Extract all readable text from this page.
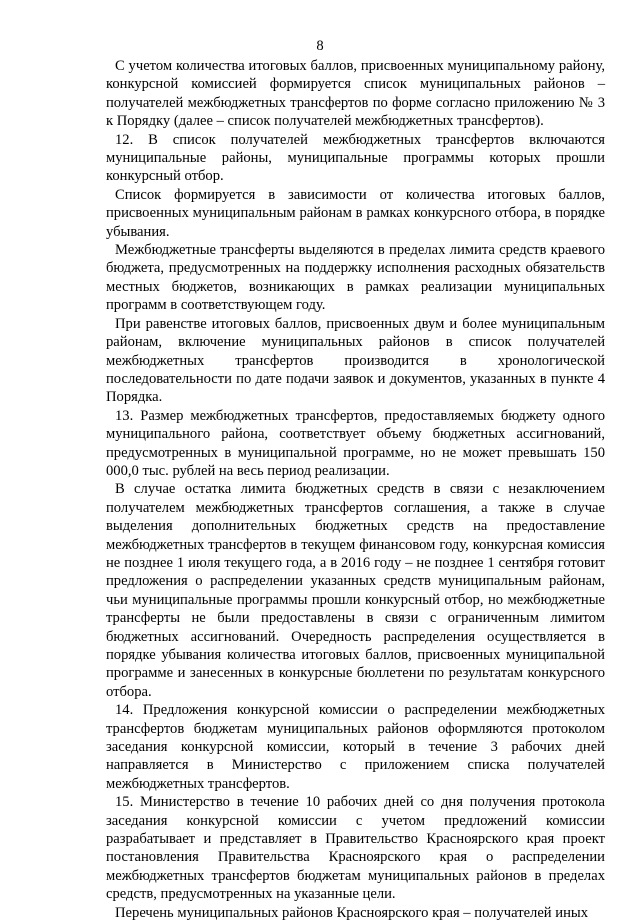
8

С учетом количества итоговых баллов, присвоенных муниципальному району, конкурсной комиссией формируется список муниципальных районов – получателей межбюджетных трансфертов по форме согласно приложению № 3 к Порядку (далее – список получателей межбюджетных трансфертов).

12. В список получателей межбюджетных трансфертов включаются муниципальные районы, муниципальные программы которых прошли конкурсный отбор.

Список формируется в зависимости от количества итоговых баллов, присвоенных муниципальным районам в рамках конкурсного отбора, в порядке убывания.

Межбюджетные трансферты выделяются в пределах лимита средств краевого бюджета, предусмотренных на поддержку исполнения расходных обязательств местных бюджетов, возникающих в рамках реализации муниципальных программ в соответствующем году.

При равенстве итоговых баллов, присвоенных двум и более муниципальным районам, включение муниципальных районов в список получателей межбюджетных трансфертов производится в хронологической последовательности по дате подачи заявок и документов, указанных в пункте 4 Порядка.

13. Размер межбюджетных трансфертов, предоставляемых бюджету одного муниципального района, соответствует объему бюджетных ассигнований, предусмотренных в муниципальной программе, но не может превышать 150 000,0 тыс. рублей на весь период реализации.

В случае остатка лимита бюджетных средств в связи с незаключением получателем межбюджетных трансфертов соглашения, а также в случае выделения дополнительных бюджетных средств на предоставление межбюджетных трансфертов в текущем финансовом году, конкурсная комиссия не позднее 1 июля текущего года, а в 2016 году – не позднее 1 сентября готовит предложения о распределении указанных средств муниципальным районам, чьи муниципальные программы прошли конкурсный отбор, но межбюджетные трансферты не были предоставлены в связи с ограниченным лимитом бюджетных ассигнований. Очередность распределения осуществляется в порядке убывания количества итоговых баллов, присвоенных муниципальной программе и занесенных в конкурсные бюллетени по результатам конкурсного отбора.

14. Предложения конкурсной комиссии о распределении межбюджетных трансфертов бюджетам муниципальных районов оформляются протоколом заседания конкурсной комиссии, который в течение 3 рабочих дней направляется в Министерство с приложением списка получателей межбюджетных трансфертов.

15. Министерство в течение 10 рабочих дней со дня получения протокола заседания конкурсной комиссии с учетом предложений комиссии разрабатывает и представляет в Правительство Красноярского края проект постановления Правительства Красноярского края о распределении межбюджетных трансфертов бюджетам муниципальных районов в пределах средств, предусмотренных на указанные цели.

Перечень муниципальных районов Красноярского края – получателей иных
